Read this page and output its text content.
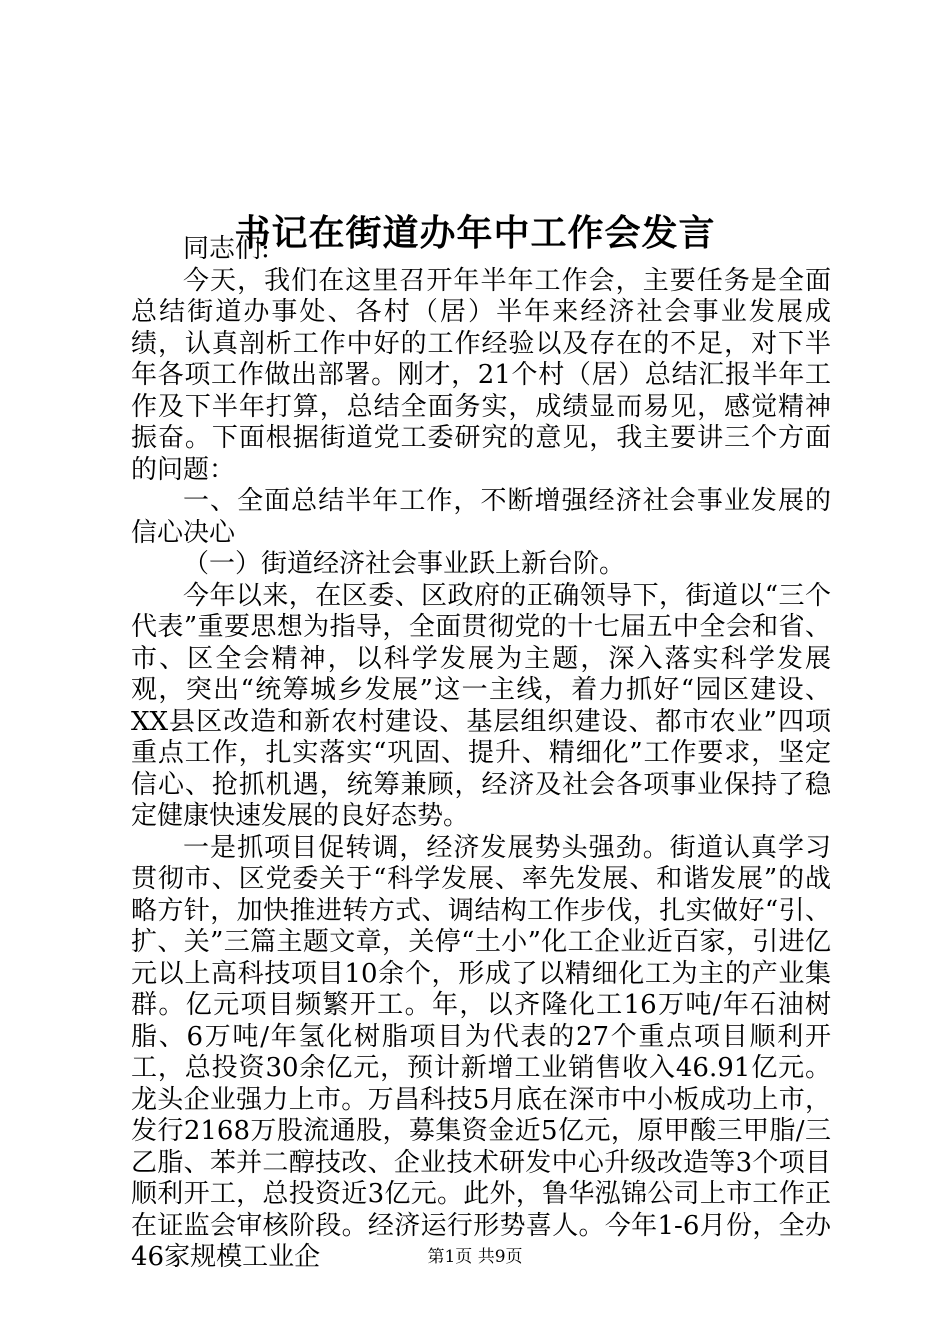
书记在街道办年中工作会发言

同志们:

今天，我们在这里召开年半年工作会，主要任务是全面总结街道办事处、各村（居）半年来经济社会事业发展成绩，认真剖析工作中好的工作经验以及存在的不足，对下半年各项工作做出部署。刚才，21个村（居）总结汇报半年工作及下半年打算，总结全面务实，成绩显而易见，感觉精神振奋。下面根据街道党工委研究的意见，我主要讲三个方面的问题：

一、全面总结半年工作，不断增强经济社会事业发展的信心决心

（一）街道经济社会事业跃上新台阶。

今年以来，在区委、区政府的正确领导下，街道以“三个代表”重要思想为指导，全面贯彻党的十七届五中全会和省、市、区全会精神，以科学发展为主题，深入落实科学发展观，突出“统筹城乡发展”这一主线，着力抓好“园区建设、XX县区改造和新农村建设、基层组织建设、都市农业”四项重点工作，扎实落实“巩固、提升、精细化”工作要求，坚定信心、抢抓机遇，统筹兼顾，经济及社会各项事业保持了稳定健康快速发展的良好态势。

一是抓项目促转调，经济发展势头强劲。街道认真学习贯彻市、区党委关于“科学发展、率先发展、和谐发展”的战略方针，加快推进转方式、调结构工作步伐，扎实做好“引、扩、关”三篇主题文章，关停“土小”化工企业近百家，引进亿元以上高科技项目10余个，形成了以精细化工为主的产业集群。亿元项目频繁开工。年，以齐隆化工16万吨/年石油树脂、6万吨/年氢化树脂项目为代表的27个重点项目顺利开工，总投资30余亿元，预计新增工业销售收入46.91亿元。龙头企业强力上市。万昌科技5月底在深市中小板成功上市，发行2168万股流通股，募集资金近5亿元，原甲酸三甲脂/三乙脂、苯并二醇技改、企业技术研发中心升级改造等3个项目顺利开工，总投资近3亿元。此外，鲁华泓锦公司上市工作正在证监会审核阶段。经济运行形势喜人。今年1-6月份，全办46家规模工业企	第1页 共9页
